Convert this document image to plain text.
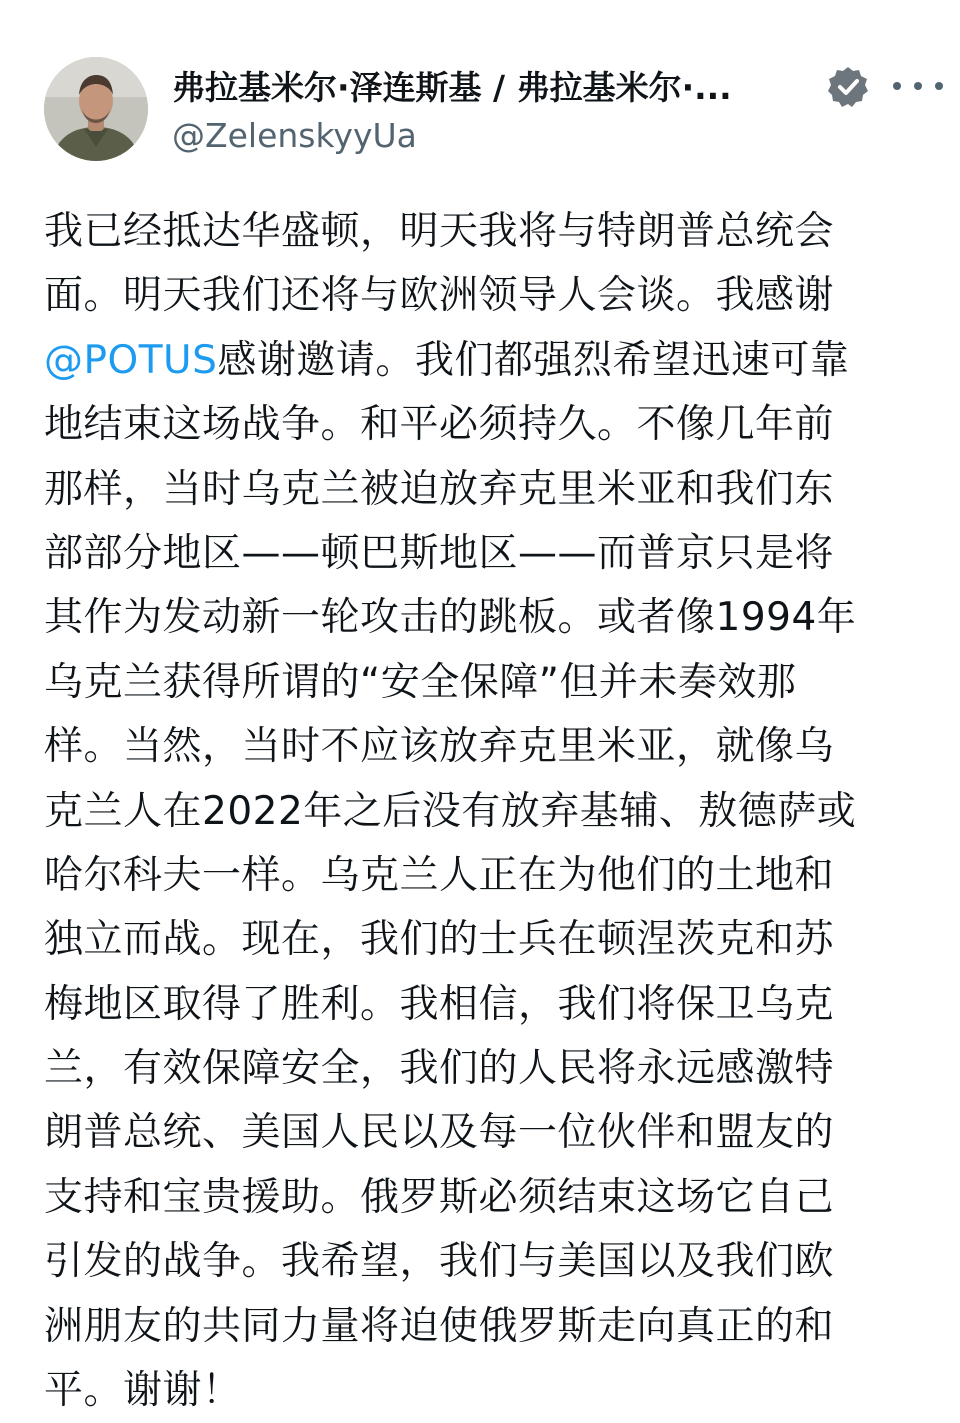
弗拉基米尔·泽连斯基 / 弗拉基米尔·...
@ZelenskyyUa
我已经抵达华盛顿，明天我将与特朗普总统会
面。明天我们还将与欧洲领导人会谈。我感谢
@POTUS感谢邀请。我们都强烈希望迅速可靠
地结束这场战争。和平必须持久。不像几年前
那样，当时乌克兰被迫放弃克里米亚和我们东
部部分地区——顿巴斯地区——而普京只是将
其作为发动新一轮攻击的跳板。或者像1994年
乌克兰获得所谓的“安全保障”但并未奏效那
样。当然，当时不应该放弃克里米亚，就像乌
克兰人在2022年之后没有放弃基辅、敖德萨或
哈尔科夫一样。乌克兰人正在为他们的土地和
独立而战。现在，我们的士兵在顿涅茨克和苏
梅地区取得了胜利。我相信，我们将保卫乌克
兰，有效保障安全，我们的人民将永远感激特
朗普总统、美国人民以及每一位伙伴和盟友的
支持和宝贵援助。俄罗斯必须结束这场它自己
引发的战争。我希望，我们与美国以及我们欧
洲朋友的共同力量将迫使俄罗斯走向真正的和
平。谢谢！
